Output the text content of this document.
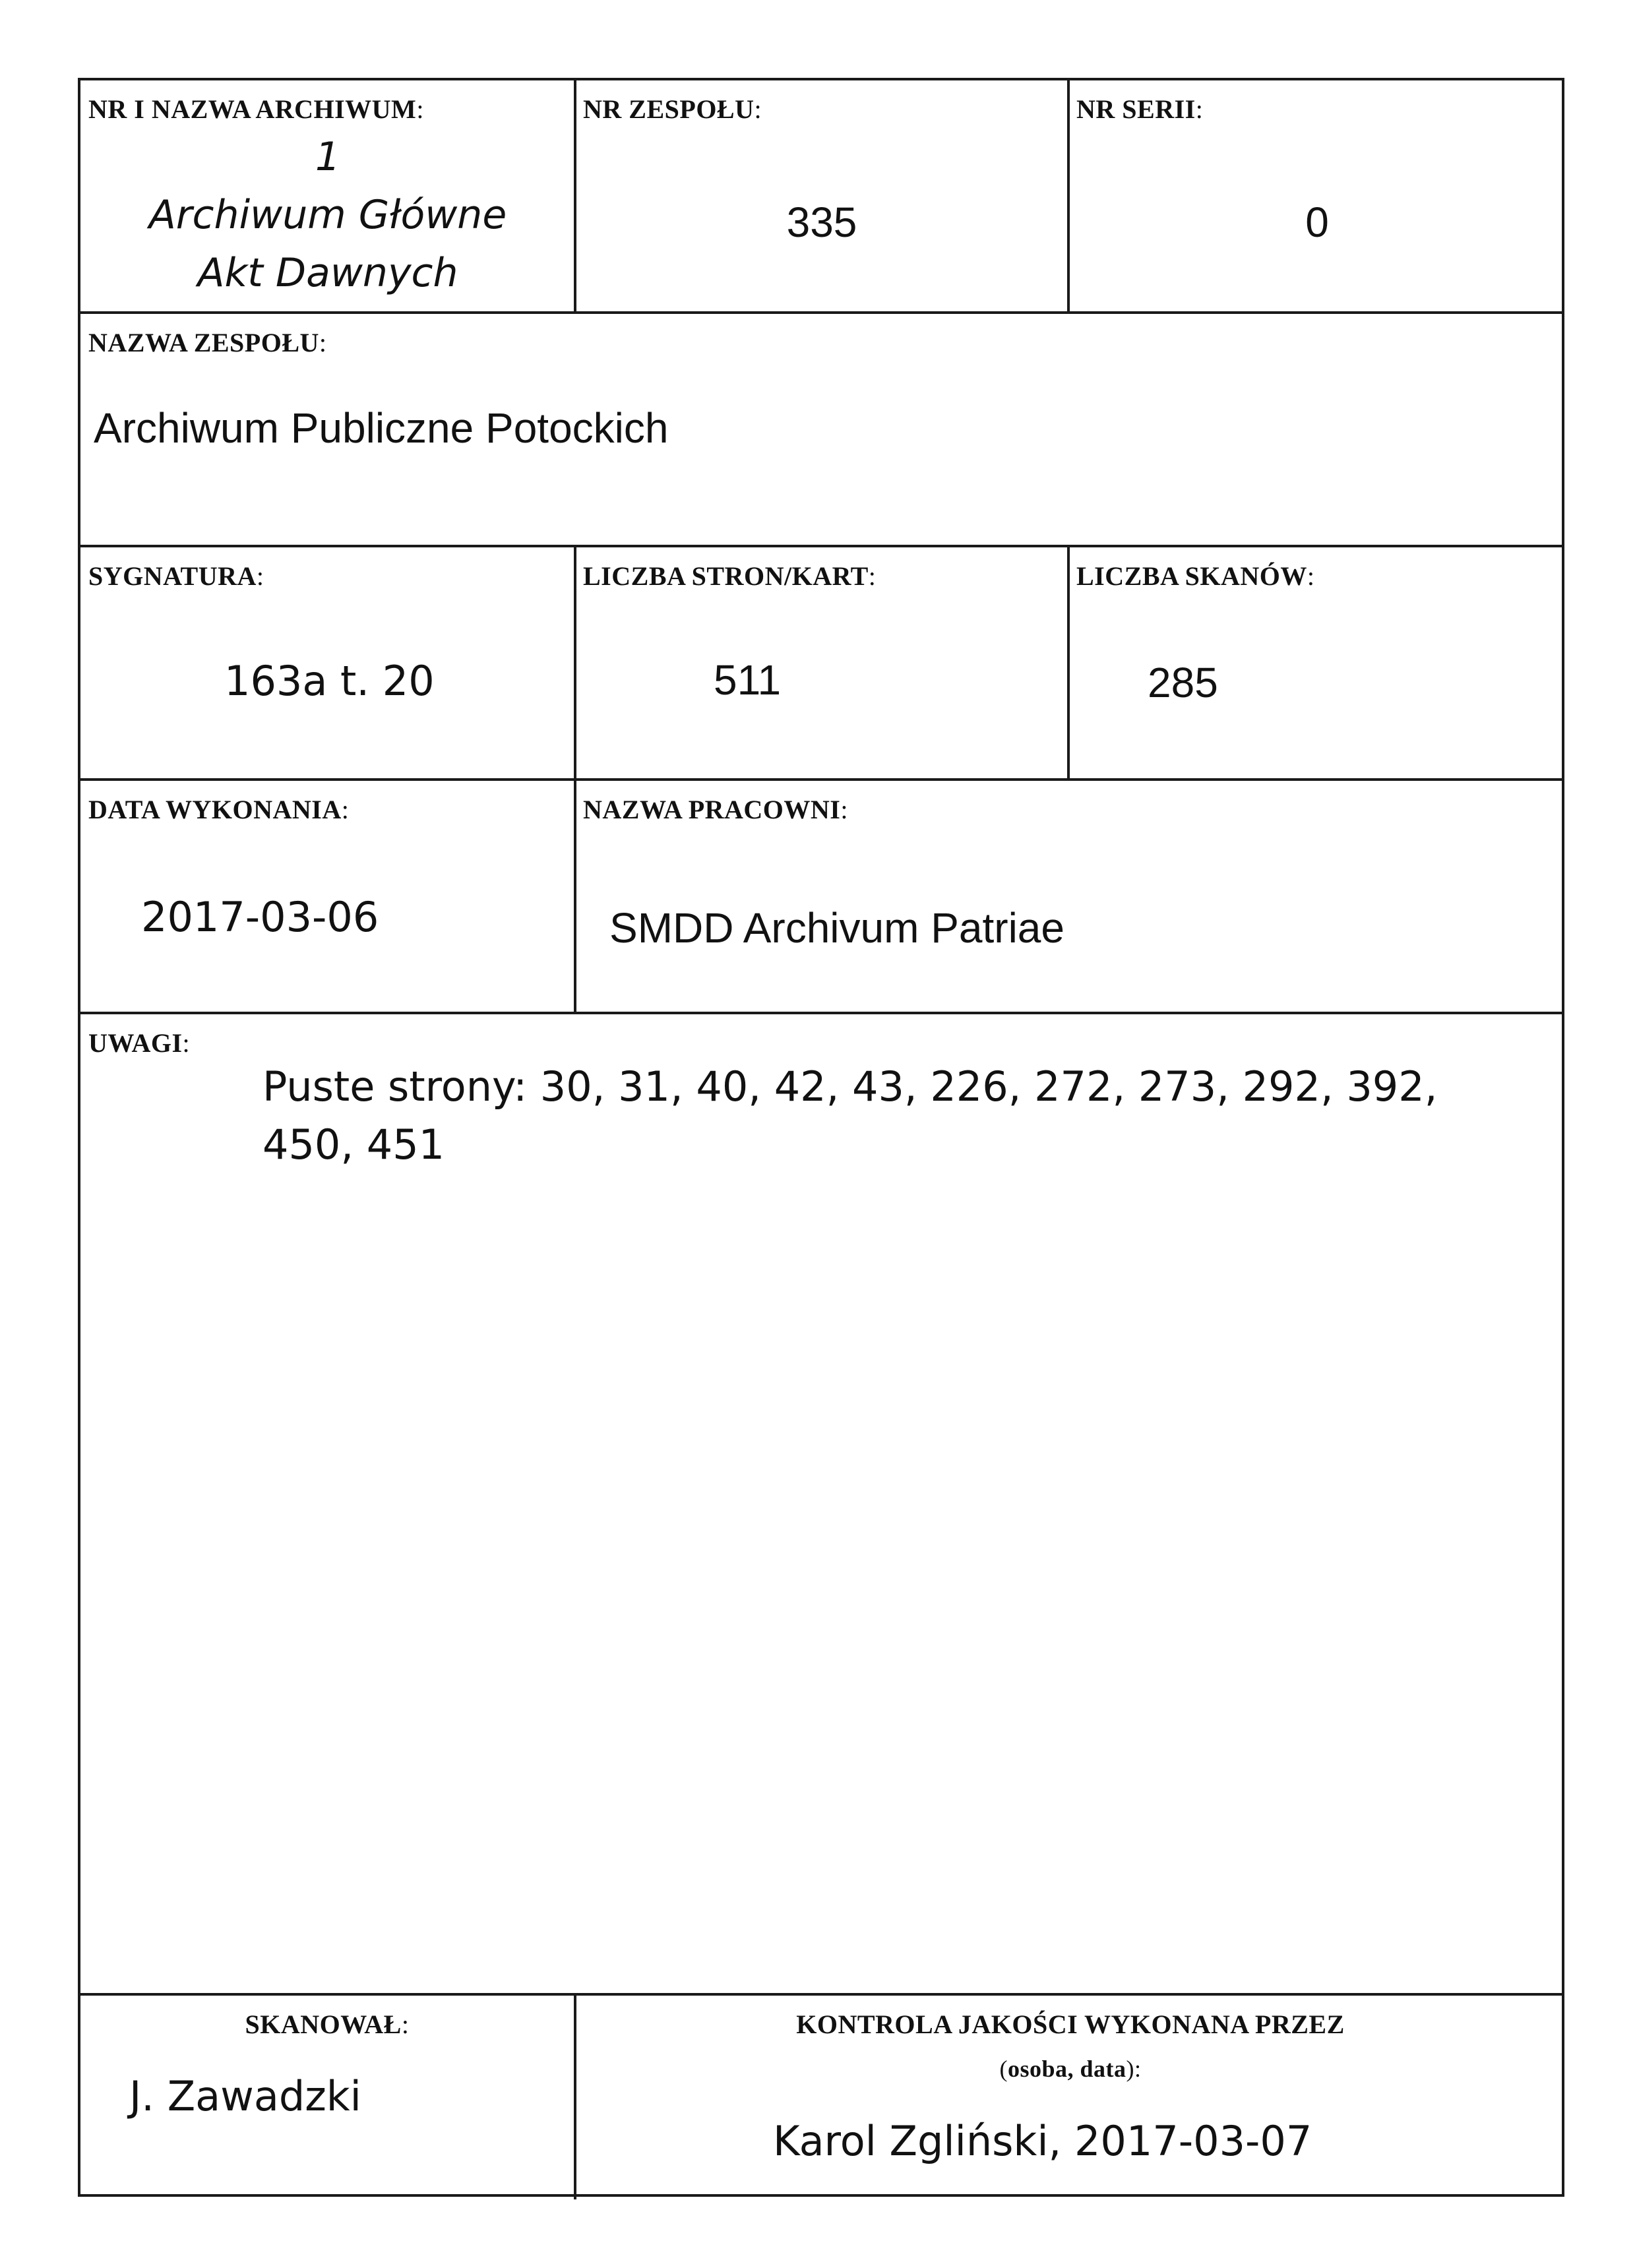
NR I NAZWA ARCHIWUM:
1
Archiwum Główne
Akt Dawnych
NR ZESPOŁU:
335
NR SERII:
0
NAZWA ZESPOŁU:
Archiwum Publiczne Potockich
SYGNATURA:
163a t. 20
LICZBA STRON/KART:
511
LICZBA SKANÓW:
285
DATA WYKONANIA:
2017-03-06
NAZWA PRACOWNI:
SMDD Archivum Patriae
UWAGI:
Puste strony: 30, 31, 40, 42, 43, 226, 272, 273, 292, 392, 450, 451
SKANOWAŁ:
J. Zawadzki
KONTROLA JAKOŚCI WYKONANA PRZEZ
(osoba, data):
Karol Zgliński, 2017-03-07
